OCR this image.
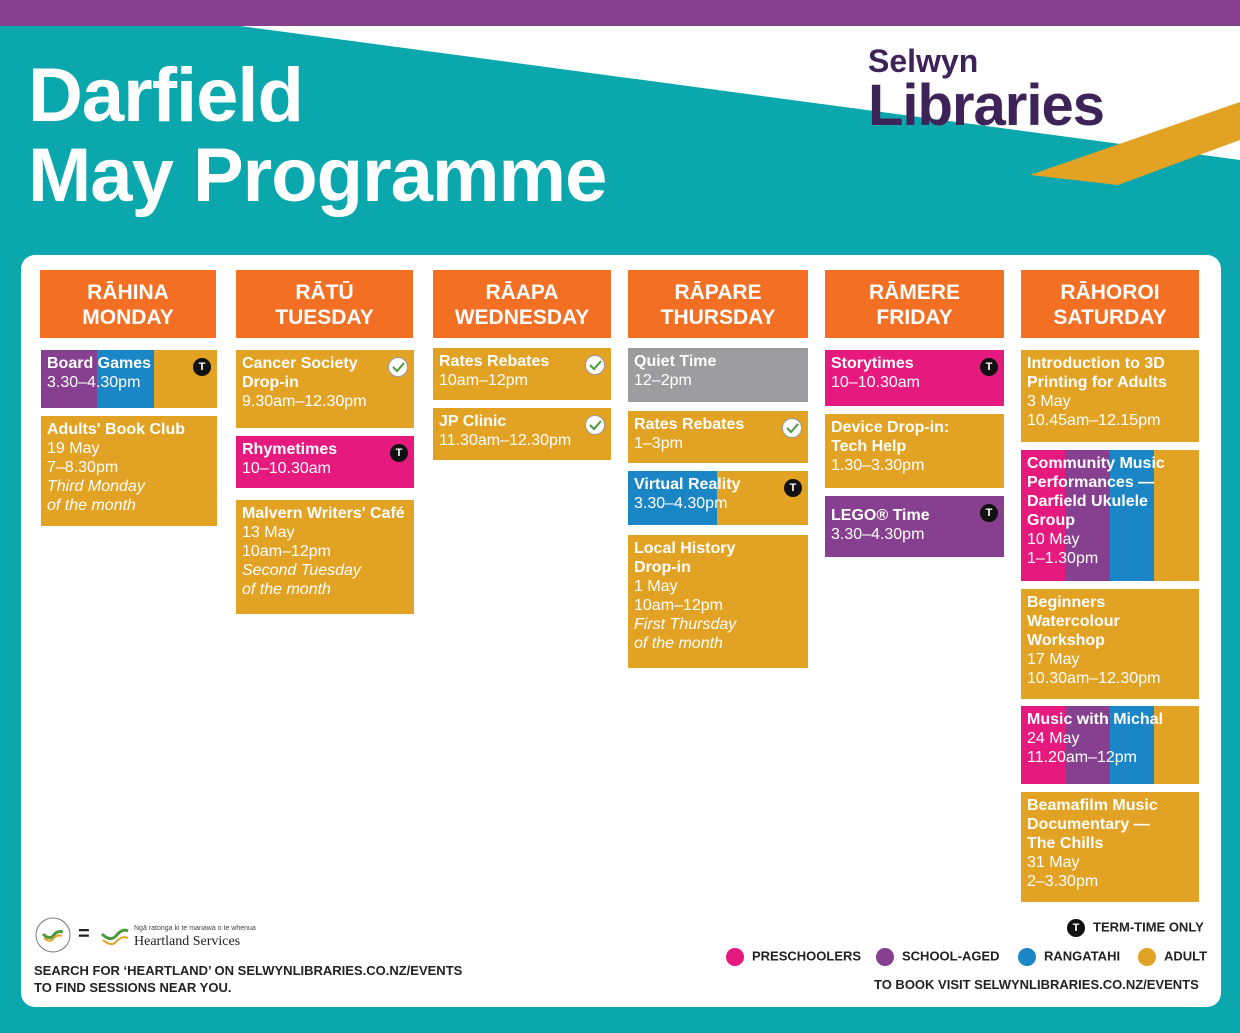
Darfield
May Programme
Selwyn
Libraries
RĀHINA
MONDAY
RĀTŪ
TUESDAY
RĀAPA
WEDNESDAY
RĀPARE
THURSDAY
RĀMERE
FRIDAY
RĀHOROI
SATURDAY
Board Games
3.30–4.30pm
T
Adults' Book Club
19 May
7–8.30pm
Third Monday
of the month
Cancer Society
Drop-in
9.30am–12.30pm
Rhymetimes
10–10.30am
T
Malvern Writers' Café
13 May
10am–12pm
Second Tuesday
of the month
Rates Rebates
10am–12pm
JP Clinic
11.30am–12.30pm
Quiet Time
12–2pm
Rates Rebates
1–3pm
Virtual Reality
3.30–4.30pm
T
Local History
Drop-in
1 May
10am–12pm
First Thursday
of the month
Storytimes
10–10.30am
T
Device Drop-in:
Tech Help
1.30–3.30pm
LEGO® Time
3.30–4.30pm
T
Introduction to 3D
Printing for Adults
3 May
10.45am–12.15pm
Community Music
Performances —
Darfield Ukulele
Group
10 May
1–1.30pm
Beginners
Watercolour
Workshop
17 May
10.30am–12.30pm
Music with Michal
24 May
11.20am–12pm
Beamafilm Music
Documentary —
The Chills
31 May
2–3.30pm
T TERM-TIME ONLY
PRESCHOOLERS	SCHOOL-AGED	RANGATAHI	ADULT
TO BOOK VISIT SELWYNLIBRARIES.CO.NZ/EVENTS
=	Ngā ratonga ki te manawa o te whenua
Heartland Services
SEARCH FOR ‘HEARTLAND’ ON SELWYNLIBRARIES.CO.NZ/EVENTS
TO FIND SESSIONS NEAR YOU.
